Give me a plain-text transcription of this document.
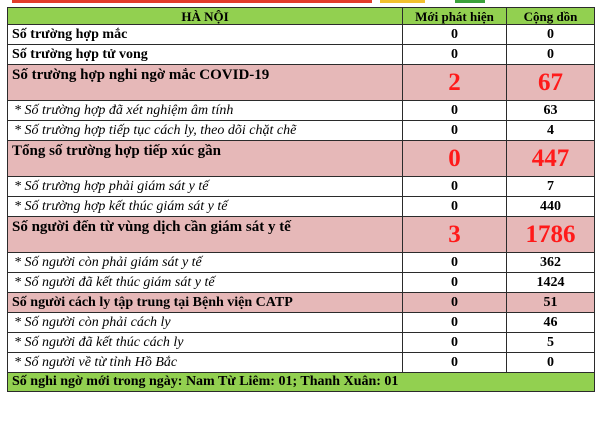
HÀ NỘI	Mới phát hiện	Cộng dồn
Số trường hợp mắc	0	0
Số trường hợp tử vong	0	0
Số trường hợp nghi ngờ mắc COVID-19	2	67
* Số trường hợp đã xét nghiệm âm tính	0	63
* Số trường hợp tiếp tục cách ly, theo dõi chặt chẽ	0	4
Tổng số trường hợp tiếp xúc gần	0	447
* Số trường hợp phải giám sát y tế	0	7
* Số trường hợp kết thúc giám sát y tế	0	440
Số người đến từ vùng dịch cần giám sát y tế	3	1786
* Số người còn phải giám sát y tế	0	362
* Số người đã kết thúc giám sát y tế	0	1424
Số người cách ly tập trung tại Bệnh viện CATP	0	51
* Số người còn phải cách ly	0	46
* Số người đã kết thúc cách ly	0	5
* Số người về từ tỉnh Hồ Bắc	0	0
Số nghi ngờ mới trong ngày: Nam Từ Liêm: 01; Thanh Xuân: 01		
